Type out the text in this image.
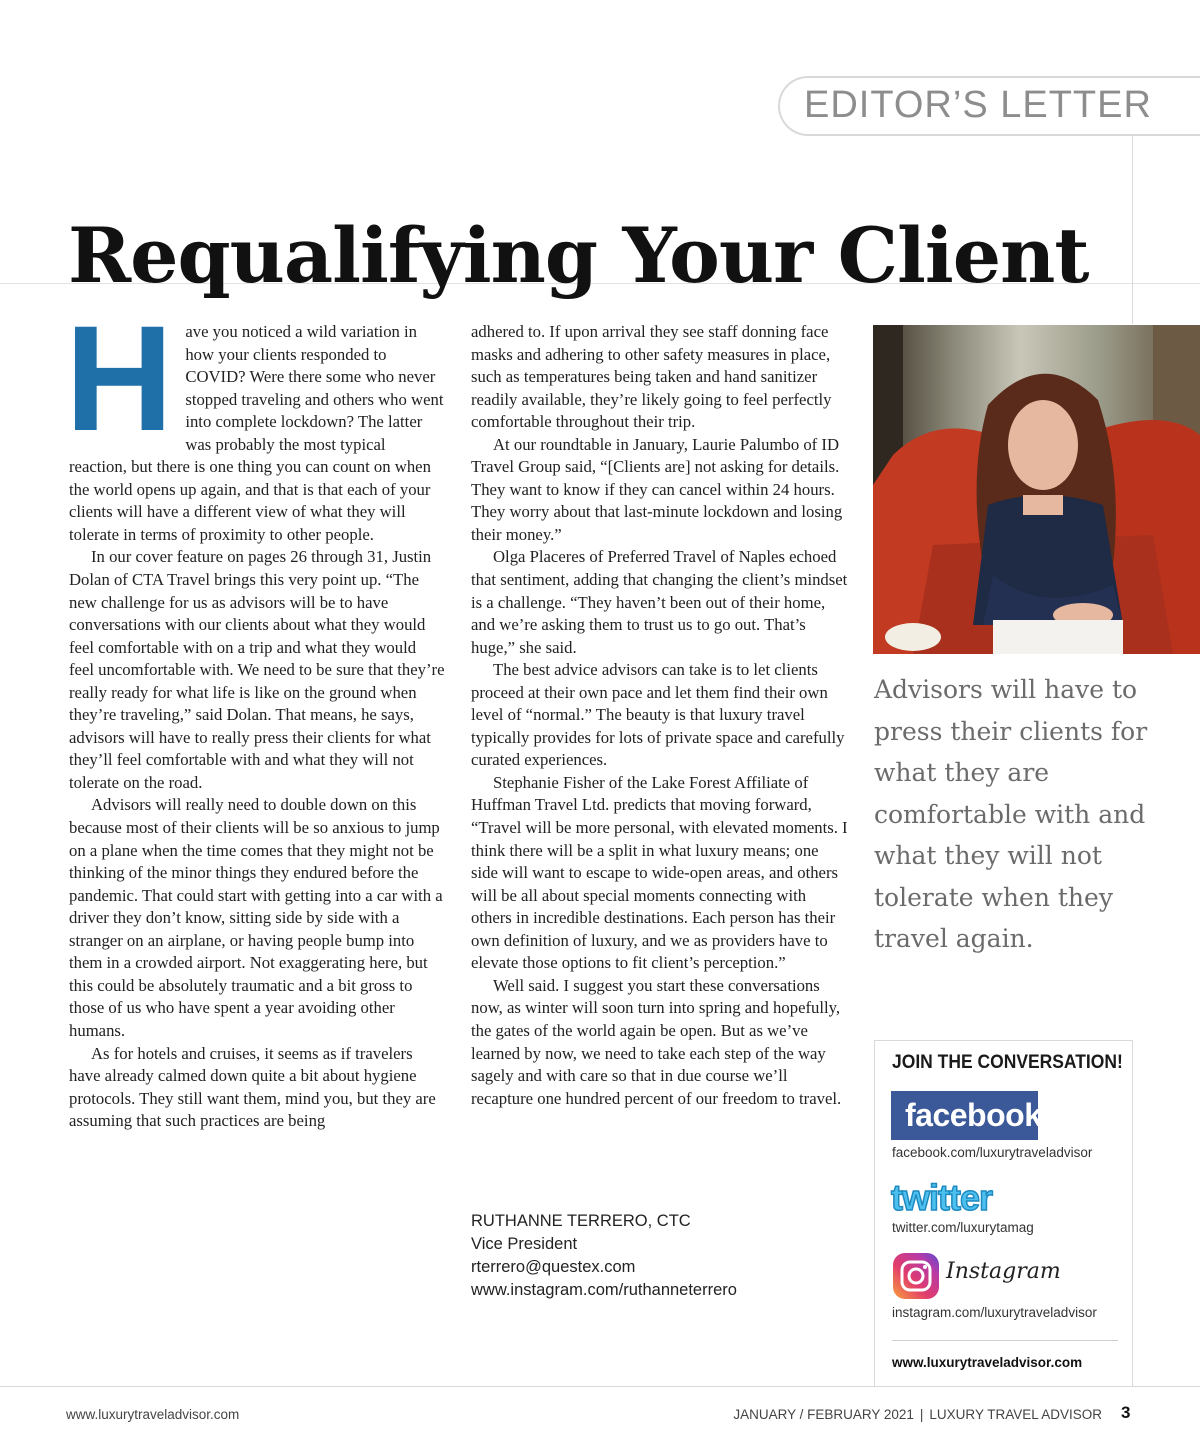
EDITOR’S LETTER
Requalifying Your Client

Have you noticed a wild variation in how your clients responded to COVID? Were there some who never stopped traveling and others who went into complete lockdown? The latter was probably the most typical reaction, but there is one thing you can count on when the world opens up again, and that is that each of your clients will have a different view of what they will tolerate in terms of proximity to other people.

In our cover feature on pages 26 through 31, Justin Dolan of CTA Travel brings this very point up. “The new challenge for us as advisors will be to have conversations with our clients about what they would feel comfortable with on a trip and what they would feel uncomfortable with. We need to be sure that they’re really ready for what life is like on the ground when they’re traveling,” said Dolan. That means, he says, advisors will have to really press their clients for what they’ll feel comfortable with and what they will not tolerate on the road.

Advisors will really need to double down on this because most of their clients will be so anxious to jump on a plane when the time comes that they might not be thinking of the minor things they endured before the pandemic. That could start with getting into a car with a driver they don’t know, sitting side by side with a stranger on an airplane, or having people bump into them in a crowded airport. Not exaggerating here, but this could be absolutely traumatic and a bit gross to those of us who have spent a year avoiding other humans.

As for hotels and cruises, it seems as if travelers have already calmed down quite a bit about hygiene protocols. They still want them, mind you, but they are assuming that such practices are being

adhered to. If upon arrival they see staff donning face masks and adhering to other safety measures in place, such as temperatures being taken and hand sanitizer readily available, they’re likely going to feel perfectly comfortable throughout their trip.

At our roundtable in January, Laurie Palumbo of ID Travel Group said, “[Clients are] not asking for details. They want to know if they can cancel within 24 hours. They worry about that last-minute lockdown and losing their money.”

Olga Placeres of Preferred Travel of Naples echoed that sentiment, adding that changing the client’s mindset is a challenge. “They haven’t been out of their home, and we’re asking them to trust us to go out. That’s huge,” she said.

The best advice advisors can take is to let clients proceed at their own pace and let them find their own level of “normal.” The beauty is that luxury travel typically provides for lots of private space and carefully curated experiences.

Stephanie Fisher of the Lake Forest Affiliate of Huffman Travel Ltd. predicts that moving forward, “Travel will be more personal, with elevated moments. I think there will be a split in what luxury means; one side will want to escape to wide-open areas, and others will be all about special moments connecting with others in incredible destinations. Each person has their own definition of luxury, and we as providers have to elevate those options to fit client’s perception.”

Well said. I suggest you start these conversations now, as winter will soon turn into spring and hopefully, the gates of the world again be open. But as we’ve learned by now, we need to take each step of the way sagely and with care so that in due course we’ll recapture one hundred percent of our freedom to travel.

RUTHANNE TERRERO, CTC
Vice President
rterrero@questex.com
www.instagram.com/ruthanneterrero
Advisors will have to press their clients for what they are comfortable with and what they will not tolerate when they travel again.
JOIN THE CONVERSATION!
facebook
facebook.com/luxurytraveladvisor
twitter
twitter.com/luxurytamag
Instagram
instagram.com/luxurytraveladvisor
www.luxurytraveladvisor.com
www.luxurytraveladvisor.com	JANUARY / FEBRUARY 2021 | LUXURY TRAVEL ADVISOR 3
